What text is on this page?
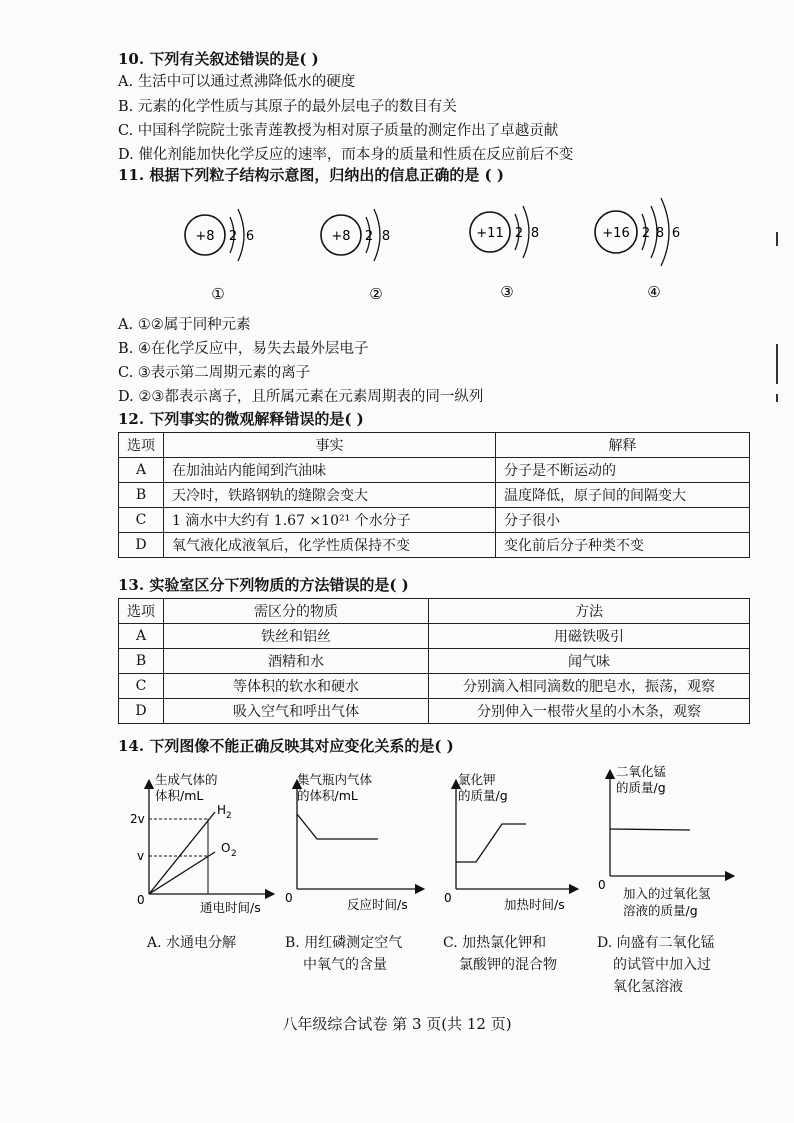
10. 下列有关叙述错误的是( )
A. 生活中可以通过煮沸降低水的硬度
B. 元素的化学性质与其原子的最外层电子的数目有关
C. 中国科学院院士张青莲教授为相对原子质量的测定作出了卓越贡献
D. 催化剂能加快化学反应的速率，而本身的质量和性质在反应前后不变
11. 根据下列粒子结构示意图，归纳出的信息正确的是 ( )
+8 2 6
①
+8 2 8
②
+11 2 8
③
+16 2 8 6
④
A. ①②属于同种元素
B. ④在化学反应中，易失去最外层电子
C. ③表示第二周期元素的离子
D. ②③都表示离子，且所属元素在元素周期表的同一纵列
12. 下列事实的微观解释错误的是( )
选项	事实	解释
A	在加油站内能闻到汽油味	分子是不断运动的
B	天冷时，铁路钢轨的缝隙会变大	温度降低，原子间的间隔变大
C	1 滴水中大约有 1.67 ×10²¹ 个水分子	分子很小
D	氧气液化成液氧后，化学性质保持不变	变化前后分子种类不变
13. 实验室区分下列物质的方法错误的是( )
选项	需区分的物质	方法
A	铁丝和铝丝	用磁铁吸引
B	酒精和水	闻气味
C	等体积的软水和硬水	分别滴入相同滴数的肥皂水，振荡，观察
D	吸入空气和呼出气体	分别伸入一根带火星的小木条，观察
14. 下列图像不能正确反映其对应变化关系的是( )
生成气体的
体积/mL
2v
v
H 2
O 2
0	通电时间/s
A. 水通电分解
集气瓶内气体
的体积/mL
0	反应时间/s
B. 用红磷测定空气
中氧气的含量
氯化钾
的质量/g
0	加热时间/s
C. 加热氯化钾和
氯酸钾的混合物
二氧化锰
的质量/g
0
加入的过氧化氢
溶液的质量/g
D. 向盛有二氧化锰
的试管中加入过
氧化氢溶液
八年级综合试卷 第 3 页(共 12 页)
